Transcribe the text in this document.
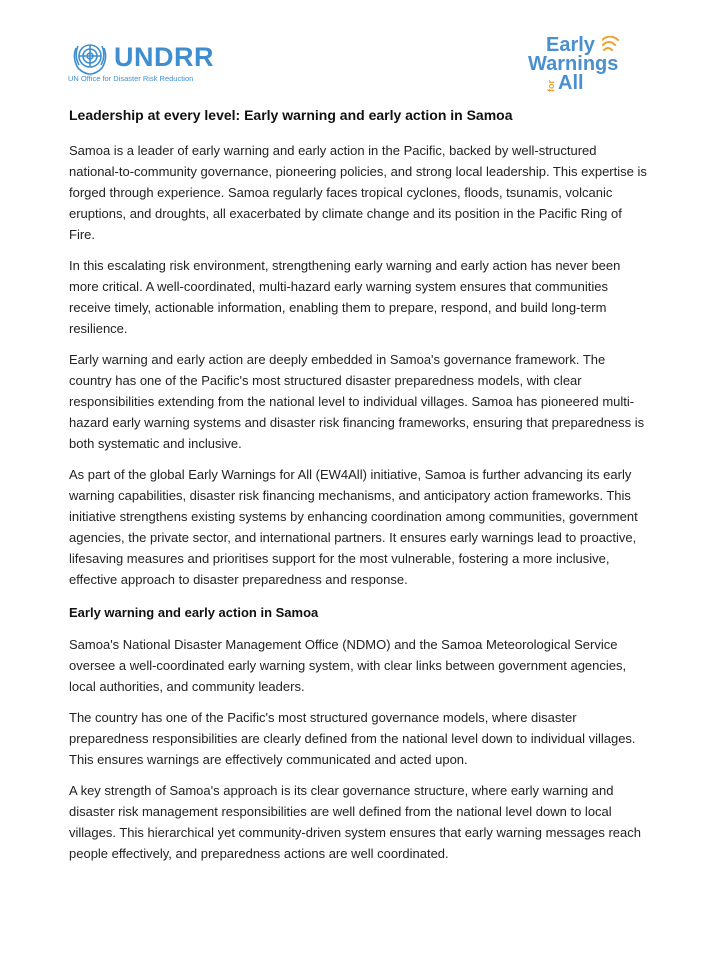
UNDRR
UN Office for Disaster Risk Reduction
Early
Warnings
for All
Leadership at every level: Early warning and early action in Samoa

Samoa is a leader of early warning and early action in the Pacific, backed by well-structured national-to-community governance, pioneering policies, and strong local leadership. This expertise is forged through experience. Samoa regularly faces tropical cyclones, floods, tsunamis, volcanic eruptions, and droughts, all exacerbated by climate change and its position in the Pacific Ring of Fire.

In this escalating risk environment, strengthening early warning and early action has never been more critical. A well-coordinated, multi-hazard early warning system ensures that communities receive timely, actionable information, enabling them to prepare, respond, and build long-term resilience.

Early warning and early action are deeply embedded in Samoa's governance framework. The country has one of the Pacific's most structured disaster preparedness models, with clear responsibilities extending from the national level to individual villages. Samoa has pioneered multi-hazard early warning systems and disaster risk financing frameworks, ensuring that preparedness is both systematic and inclusive.

As part of the global Early Warnings for All (EW4All) initiative, Samoa is further advancing its early warning capabilities, disaster risk financing mechanisms, and anticipatory action frameworks. This initiative strengthens existing systems by enhancing coordination among communities, government agencies, the private sector, and international partners. It ensures early warnings lead to proactive, lifesaving measures and prioritises support for the most vulnerable, fostering a more inclusive, effective approach to disaster preparedness and response.

Early warning and early action in Samoa

Samoa's National Disaster Management Office (NDMO) and the Samoa Meteorological Service oversee a well-coordinated early warning system, with clear links between government agencies, local authorities, and community leaders.

The country has one of the Pacific's most structured governance models, where disaster preparedness responsibilities are clearly defined from the national level down to individual villages. This ensures warnings are effectively communicated and acted upon.

A key strength of Samoa's approach is its clear governance structure, where early warning and disaster risk management responsibilities are well defined from the national level down to local villages. This hierarchical yet community-driven system ensures that early warning messages reach people effectively, and preparedness actions are well coordinated.
